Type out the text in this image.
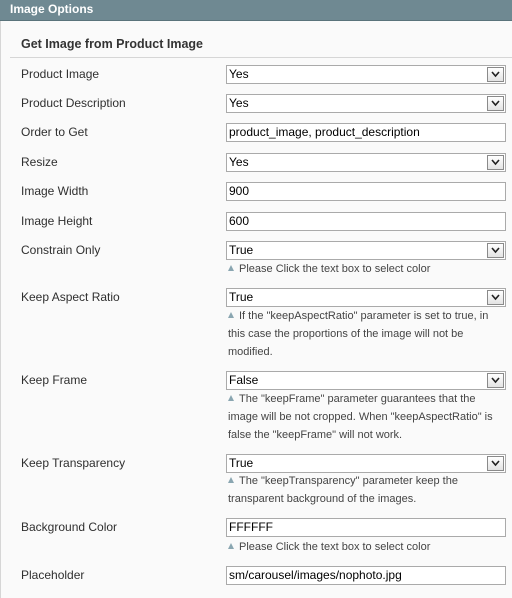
Image Options
Get Image from Product Image
Product Image	Yes
Product Description	Yes
Order to Get	product_image, product_description
Resize	Yes
Image Width	900
Image Height	600
Constrain Only	True
Please Click the text box to select color
Keep Aspect Ratio	True
If the "keepAspectRatio" parameter is set to true, in this case the proportions of the image will not be modified.
Keep Frame	False
The "keepFrame" parameter guarantees that the image will be not cropped. When "keepAspectRatio" is false the "keepFrame" will not work.
Keep Transparency	True
The "keepTransparency" parameter keep the transparent background of the images.
Background Color	FFFFFF
Please Click the text box to select color
Placeholder	sm/carousel/images/nophoto.jpg
